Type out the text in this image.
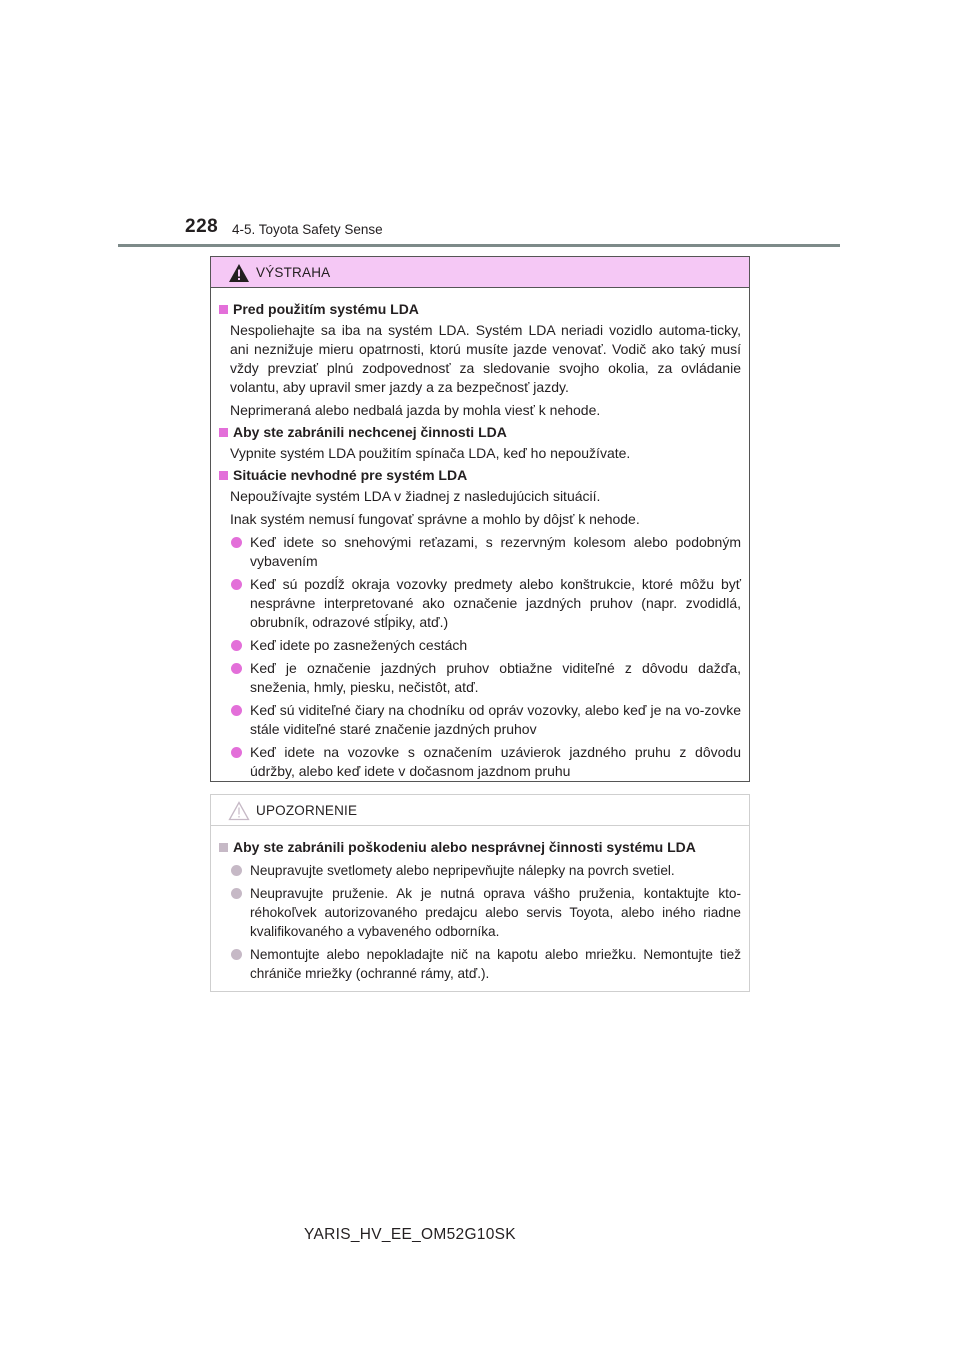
228 4-5. Toyota Safety Sense
VÝSTRAHA
Pred použitím systému LDA
Nespoliehajte sa iba na systém LDA. Systém LDA neriadi vozidlo automa-ticky, ani neznižuje mieru opatrnosti, ktorú musíte jazde venovať. Vodič ako taký musí vždy prevziať plnú zodpovednosť za sledovanie svojho okolia, za ovládanie volantu, aby upravil smer jazdy a za bezpečnosť jazdy.
Neprimeraná alebo nedbalá jazda by mohla viesť k nehode.
Aby ste zabránili nechcenej činnosti LDA
Vypnite systém LDA použitím spínača LDA, keď ho nepoužívate.
Situácie nevhodné pre systém LDA
Nepoužívajte systém LDA v žiadnej z nasledujúcich situácií.
Inak systém nemusí fungovať správne a mohlo by dôjsť k nehode.
Keď idete so snehovými reťazami, s rezervným kolesom alebo podobným vybavením
Keď sú pozdĺž okraja vozovky predmety alebo konštrukcie, ktoré môžu byť nesprávne interpretované ako označenie jazdných pruhov (napr. zvodidlá, obrubník, odrazové stĺpiky, atď.)
Keď idete po zasnežených cestách
Keď je označenie jazdných pruhov obtiažne viditeľné z dôvodu dažďa, sneženia, hmly, piesku, nečistôt, atď.
Keď sú viditeľné čiary na chodníku od opráv vozovky, alebo keď je na vo-zovke stále viditeľné staré značenie jazdných pruhov
Keď idete na vozovke s označením uzávierok jazdného pruhu z dôvodu údržby, alebo keď idete v dočasnom jazdnom pruhu
UPOZORNENIE
Aby ste zabránili poškodeniu alebo nesprávnej činnosti systému LDA
Neupravujte svetlomety alebo nepripevňujte nálepky na povrch svetiel.
Neupravujte pruženie. Ak je nutná oprava vášho pruženia, kontaktujte kto-réhokoľvek autorizovaného predajcu alebo servis Toyota, alebo iného riadne kvalifikovaného a vybaveného odborníka.
Nemontujte alebo nepokladajte nič na kapotu alebo mriežku. Nemontujte tiež chrániče mriežky (ochranné rámy, atď.).
YARIS_HV_EE_OM52G10SK
